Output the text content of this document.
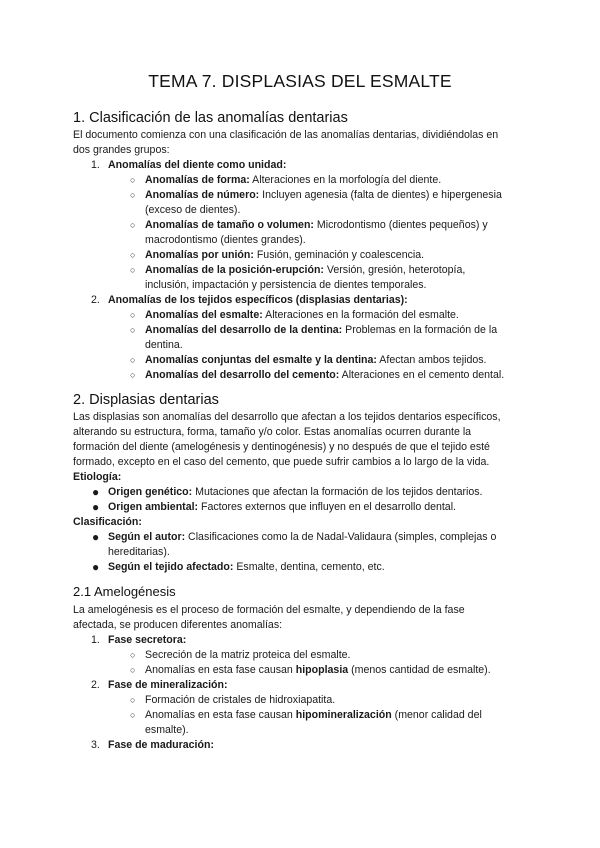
TEMA 7. DISPLASIAS DEL ESMALTE
1. Clasificación de las anomalías dentarias
El documento comienza con una clasificación de las anomalías dentarias, dividiéndolas en
dos grandes grupos:
1. Anomalías del diente como unidad:
○ Anomalías de forma: Alteraciones en la morfología del diente.
○ Anomalías de número: Incluyen agenesia (falta de dientes) e hipergenesia
(exceso de dientes).
○ Anomalías de tamaño o volumen: Microdontismo (dientes pequeños) y
macrodontismo (dientes grandes).
○ Anomalías por unión: Fusión, geminación y coalescencia.
○ Anomalías de la posición-erupción: Versión, gresión, heterotopía,
inclusión, impactación y persistencia de dientes temporales.
2. Anomalías de los tejidos específicos (displasias dentarias):
○ Anomalías del esmalte: Alteraciones en la formación del esmalte.
○ Anomalías del desarrollo de la dentina: Problemas en la formación de la
dentina.
○ Anomalías conjuntas del esmalte y la dentina: Afectan ambos tejidos.
○ Anomalías del desarrollo del cemento: Alteraciones en el cemento dental.
2. Displasias dentarias
Las displasias son anomalías del desarrollo que afectan a los tejidos dentarios específicos,
alterando su estructura, forma, tamaño y/o color. Estas anomalías ocurren durante la
formación del diente (amelogénesis y dentinogénesis) y no después de que el tejido esté
formado, excepto en el caso del cemento, que puede sufrir cambios a lo largo de la vida.
Etiología:
● Origen genético: Mutaciones que afectan la formación de los tejidos dentarios.
● Origen ambiental: Factores externos que influyen en el desarrollo dental.
Clasificación:
● Según el autor: Clasificaciones como la de Nadal-Validaura (simples, complejas o
hereditarias).
● Según el tejido afectado: Esmalte, dentina, cemento, etc.
2.1 Amelogénesis
La amelogénesis es el proceso de formación del esmalte, y dependiendo de la fase
afectada, se producen diferentes anomalías:
1. Fase secretora:
○ Secreción de la matriz proteica del esmalte.
○ Anomalías en esta fase causan hipoplasia (menos cantidad de esmalte).
2. Fase de mineralización:
○ Formación de cristales de hidroxiapatita.
○ Anomalías en esta fase causan hipomineralización (menor calidad del
esmalte).
3. Fase de maduración:
